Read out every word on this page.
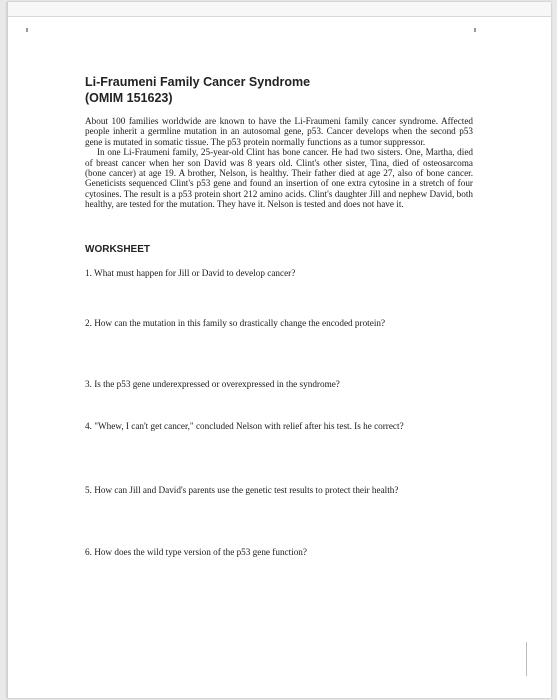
Li-Fraumeni Family Cancer Syndrome
(OMIM 151623)

About 100 families worldwide are known to have the Li-Fraumeni family cancer syndrome. Affected people inherit a germline mutation in an autosomal gene, p53. Cancer develops when the second p53 gene is mutated in somatic tissue. The p53 protein normally functions as a tumor suppressor.

In one Li-Fraumeni family, 25-year-old Clint has bone cancer. He had two sisters. One, Martha, died of breast cancer when her son David was 8 years old. Clint's other sister, Tina, died of osteosarcoma (bone cancer) at age 19. A brother, Nelson, is healthy. Their father died at age 27, also of bone cancer. Geneticists sequenced Clint's p53 gene and found an insertion of one extra cytosine in a stretch of four cytosines. The result is a p53 protein short 212 amino acids. Clint's daughter Jill and nephew David, both healthy, are tested for the mutation. They have it. Nelson is tested and does not have it.

WORKSHEET
1. What must happen for Jill or David to develop cancer?
2. How can the mutation in this family so drastically change the encoded protein?
3. Is the p53 gene underexpressed or overexpressed in the syndrome?
4. "Whew, I can't get cancer," concluded Nelson with relief after his test. Is he correct?
5. How can Jill and David's parents use the genetic test results to protect their health?
6. How does the wild type version of the p53 gene function?
